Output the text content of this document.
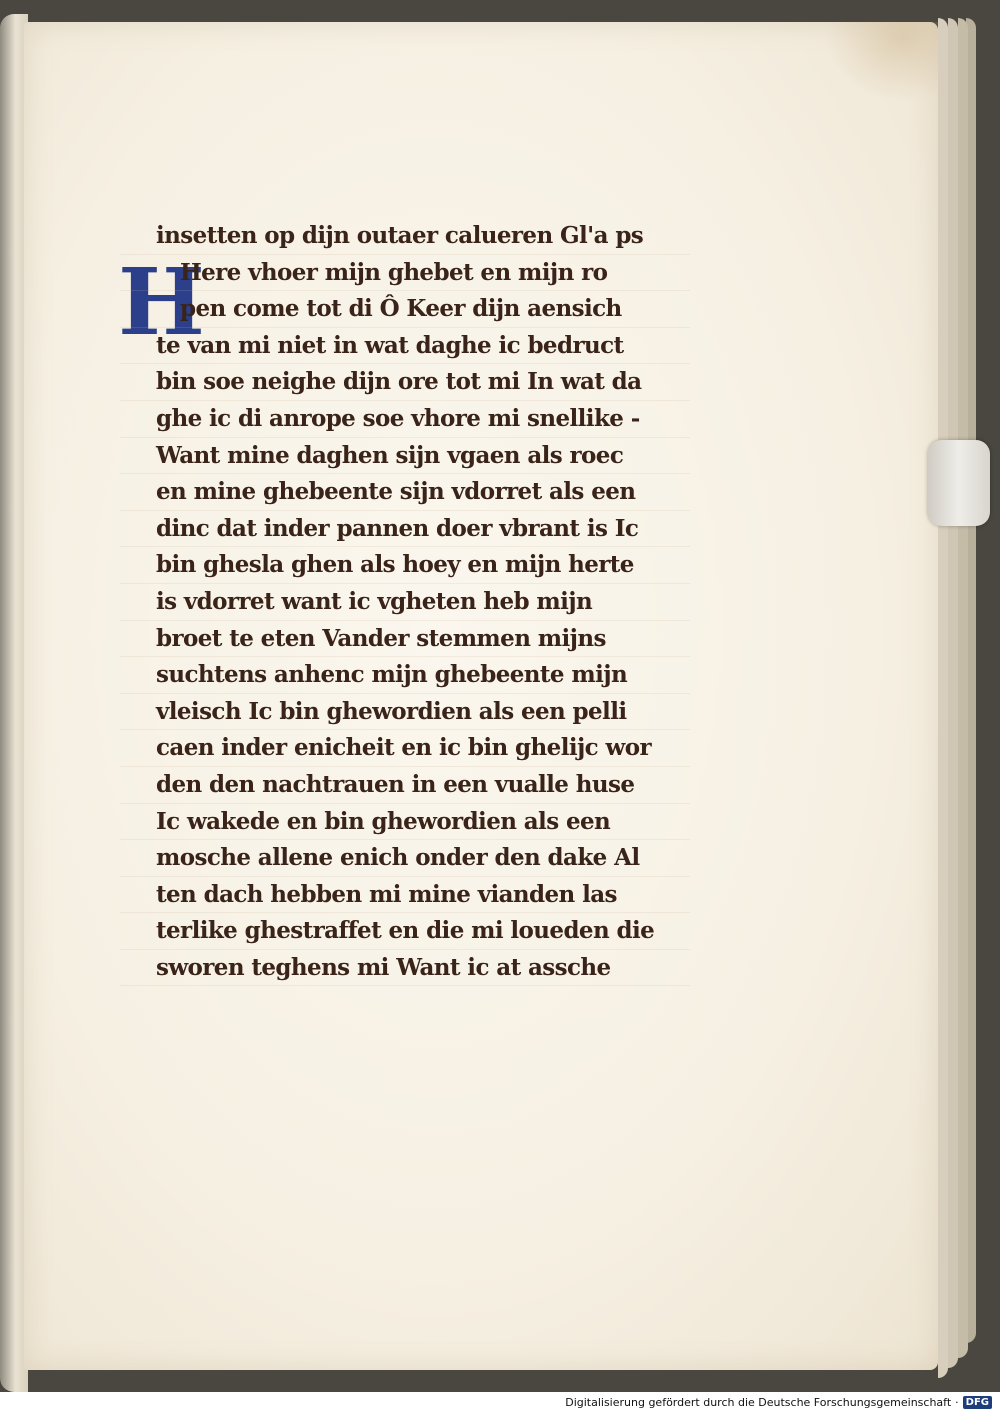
H
insetten op dijn outaer calueren Gl'a ps
Here vhoer mijn ghebet en mijn ro
pen come tot di Ô Keer dijn aensich
te van mi niet in wat daghe ic bedruct
bin soe neighe dijn ore tot mi In wat da
ghe ic di anrope soe vhore mi snellike -
Want mine daghen sijn vgaen als roec
en mine ghebeente sijn vdorret als een
dinc dat inder pannen doer vbrant is Ic
bin ghesla ghen als hoey en mijn herte
is vdorret want ic vgheten heb mijn
broet te eten Vander stemmen mijns
suchtens anhenc mijn ghebeente mijn
vleisch Ic bin ghewordien als een pelli
caen inder enicheit en ic bin ghelijc wor
den den nachtrauen in een vualle huse
Ic wakede en bin ghewordien als een
mosche allene enich onder den dake Al
ten dach hebben mi mine vianden las
terlike ghestraffet en die mi loueden die
sworen teghens mi Want ic at assche
Digitalisierung gefördert durch die Deutsche Forschungsgemeinschaft · DFG
